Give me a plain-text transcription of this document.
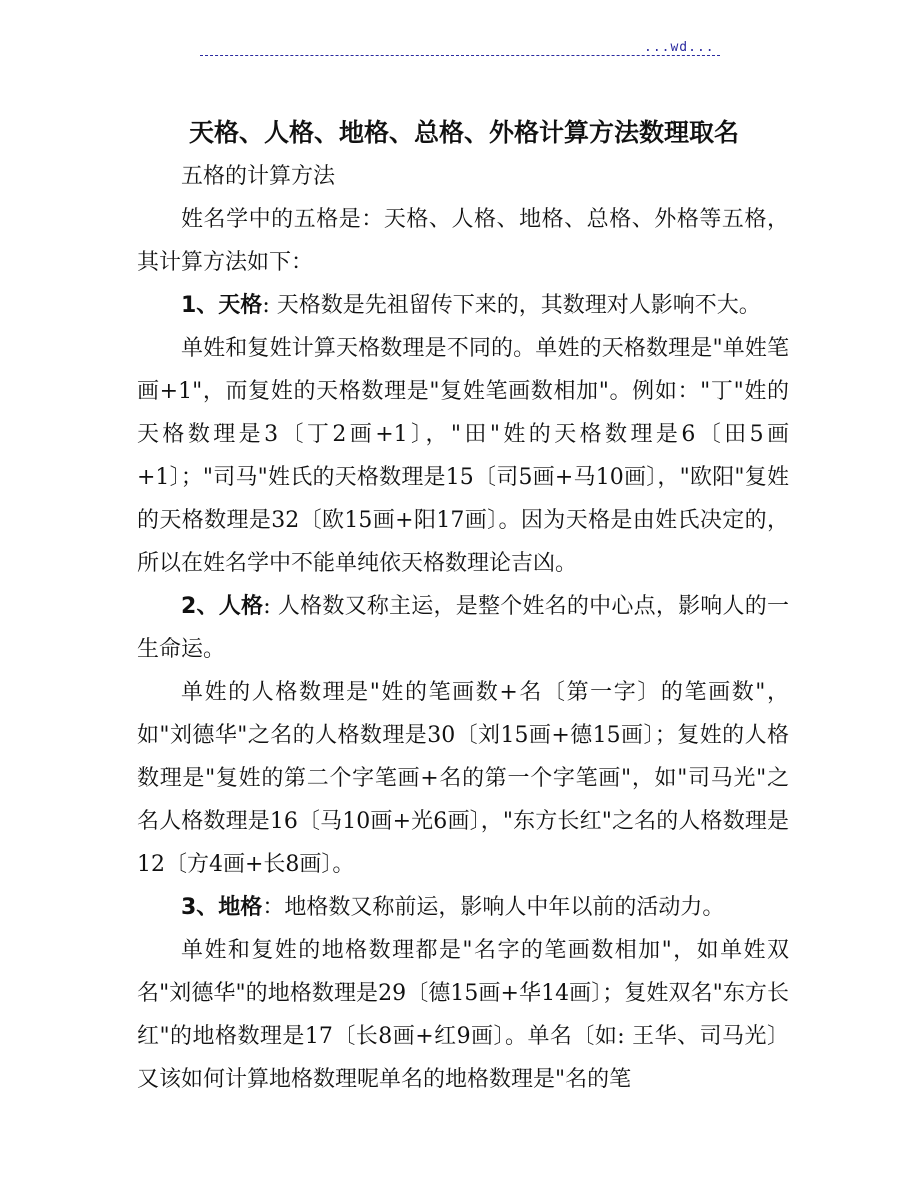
...wd...
天格、人格、地格、总格、外格计算方法数理取名

五格的计算方法

姓名学中的五格是：天格、人格、地格、总格、外格等五格，其计算方法如下：

1、天格: 天格数是先祖留传下来的，其数理对人影响不大。

单姓和复姓计算天格数理是不同的。单姓的天格数理是"单姓笔画+1"，而复姓的天格数理是"复姓笔画数相加"。例如："丁"姓的天格数理是3〔丁2画+1〕，"田"姓的天格数理是6〔田5画+1〕；"司马"姓氏的天格数理是15〔司5画+马10画〕，"欧阳"复姓的天格数理是32〔欧15画+阳17画〕。因为天格是由姓氏决定的，所以在姓名学中不能单纯依天格数理论吉凶。

2、人格: 人格数又称主运，是整个姓名的中心点，影响人的一生命运。

单姓的人格数理是"姓的笔画数+名〔第一字〕的笔画数"，如"刘德华"之名的人格数理是30〔刘15画+德15画〕；复姓的人格数理是"复姓的第二个字笔画+名的第一个字笔画"，如"司马光"之名人格数理是16〔马10画+光6画〕，"东方长红"之名的人格数理是12〔方4画+长8画〕。

3、地格：地格数又称前运，影响人中年以前的活动力。

单姓和复姓的地格数理都是"名字的笔画数相加"，如单姓双名"刘德华"的地格数理是29〔德15画+华14画〕；复姓双名"东方长红"的地格数理是17〔长8画+红9画〕。单名〔如: 王华、司马光〕又该如何计算地格数理呢单名的地格数理是"名的笔
